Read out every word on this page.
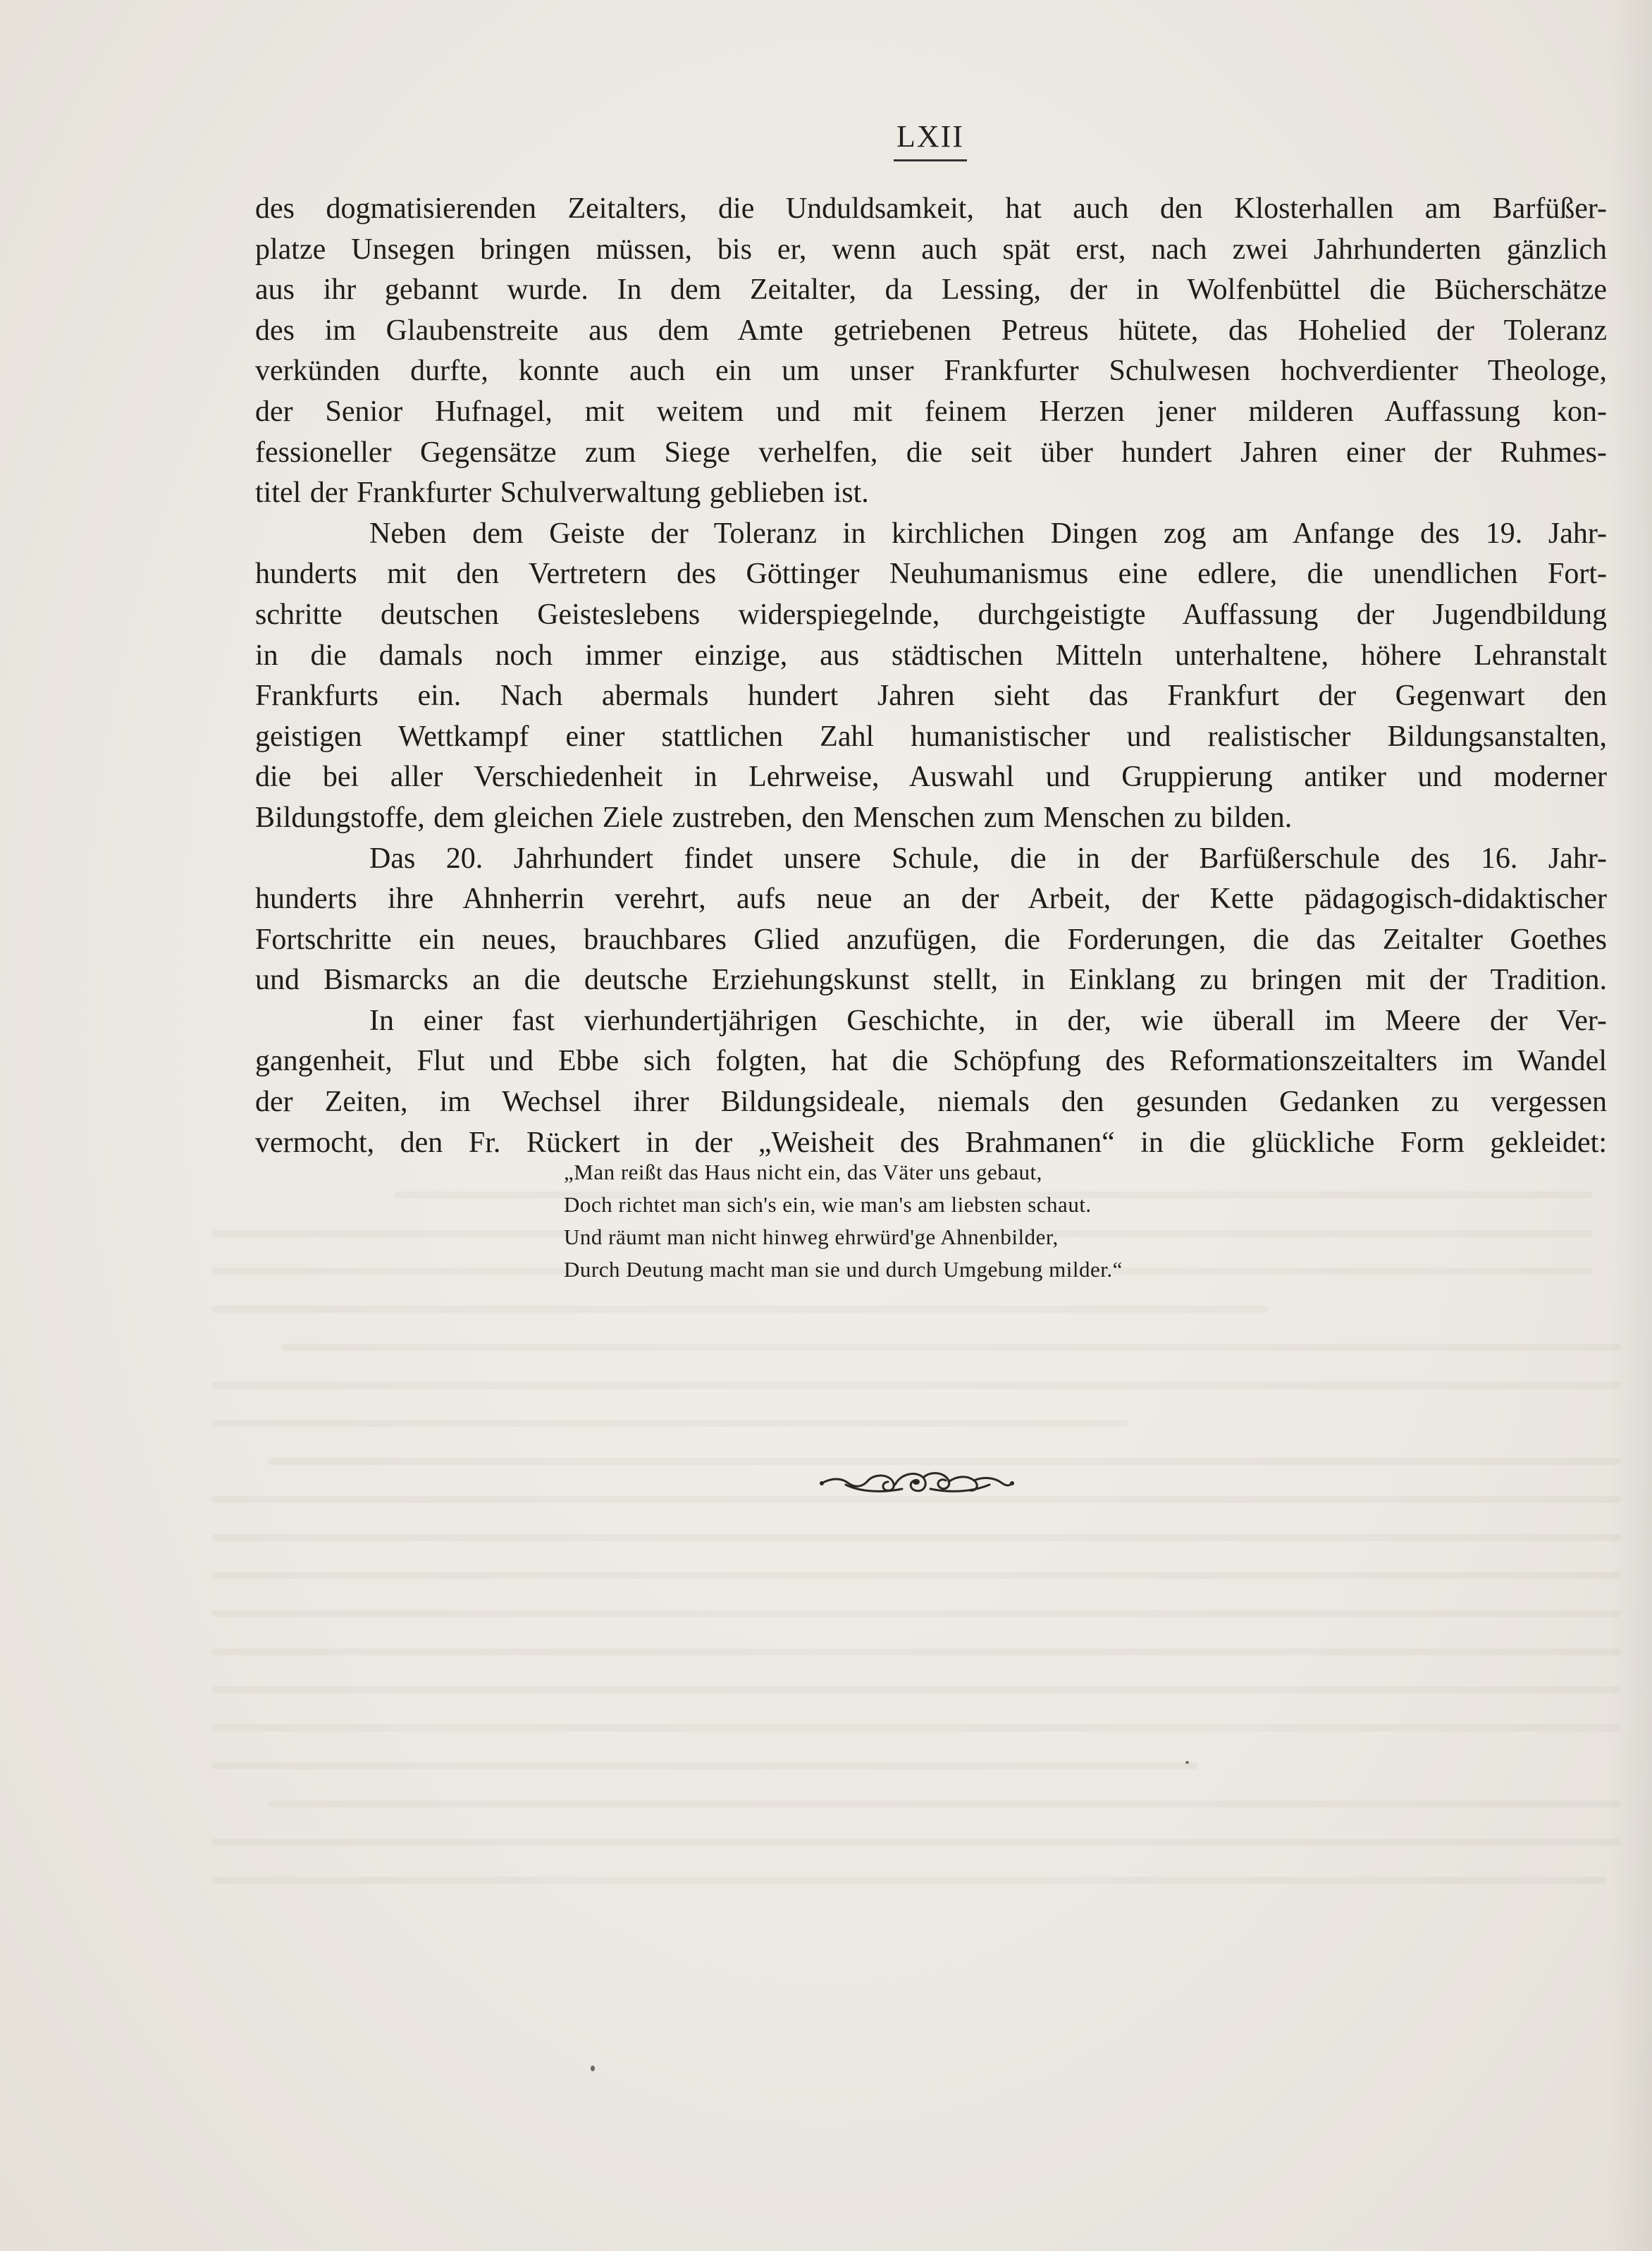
LXII
des dogmatisierenden Zeitalters, die Unduldsamkeit, hat auch den Klosterhallen am Barfüßer-
platze Unsegen bringen müssen, bis er, wenn auch spät erst, nach zwei Jahrhunderten gänzlich
aus ihr gebannt wurde. In dem Zeitalter, da Lessing, der in Wolfenbüttel die Bücherschätze
des im Glaubenstreite aus dem Amte getriebenen Petreus hütete, das Hohelied der Toleranz
verkünden durfte, konnte auch ein um unser Frankfurter Schulwesen hochverdienter Theologe,
der Senior Hufnagel, mit weitem und mit feinem Herzen jener milderen Auffassung kon-
fessioneller Gegensätze zum Siege verhelfen, die seit über hundert Jahren einer der Ruhmes-
titel der Frankfurter Schulverwaltung geblieben ist.
Neben dem Geiste der Toleranz in kirchlichen Dingen zog am Anfange des 19. Jahr-
hunderts mit den Vertretern des Göttinger Neuhumanismus eine edlere, die unendlichen Fort-
schritte deutschen Geisteslebens widerspiegelnde, durchgeistigte Auffassung der Jugendbildung
in die damals noch immer einzige, aus städtischen Mitteln unterhaltene, höhere Lehranstalt
Frankfurts ein. Nach abermals hundert Jahren sieht das Frankfurt der Gegenwart den
geistigen Wettkampf einer stattlichen Zahl humanistischer und realistischer Bildungsanstalten,
die bei aller Verschiedenheit in Lehrweise, Auswahl und Gruppierung antiker und moderner
Bildungstoffe, dem gleichen Ziele zustreben, den Menschen zum Menschen zu bilden.
Das 20. Jahrhundert findet unsere Schule, die in der Barfüßerschule des 16. Jahr-
hunderts ihre Ahnherrin verehrt, aufs neue an der Arbeit, der Kette pädagogisch-didaktischer
Fortschritte ein neues, brauchbares Glied anzufügen, die Forderungen, die das Zeitalter Goethes
und Bismarcks an die deutsche Erziehungskunst stellt, in Einklang zu bringen mit der Tradition.
In einer fast vierhundertjährigen Geschichte, in der, wie überall im Meere der Ver-
gangenheit, Flut und Ebbe sich folgten, hat die Schöpfung des Reformationszeitalters im Wandel
der Zeiten, im Wechsel ihrer Bildungsideale, niemals den gesunden Gedanken zu vergessen
vermocht, den Fr. Rückert in der „Weisheit des Brahmanen“ in die glückliche Form gekleidet:
„Man reißt das Haus nicht ein, das Väter uns gebaut,
Doch richtet man sich's ein, wie man's am liebsten schaut.
Und räumt man nicht hinweg ehrwürd'ge Ahnenbilder,
Durch Deutung macht man sie und durch Umgebung milder.“
